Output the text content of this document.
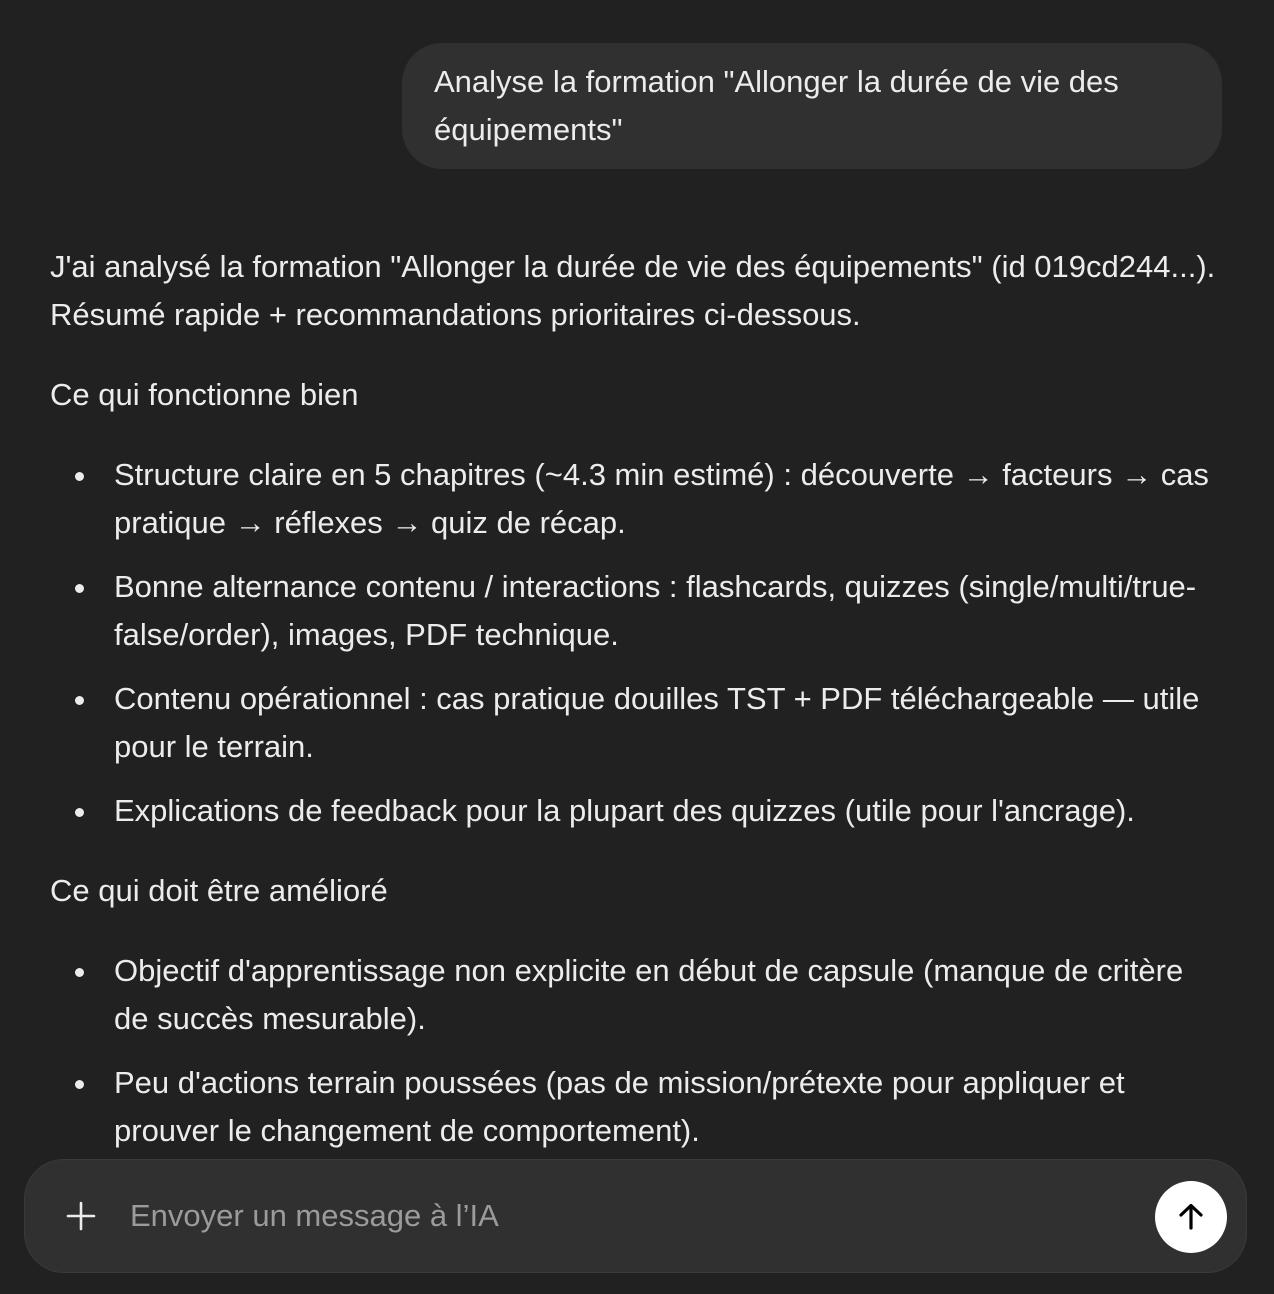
Analyse la formation "Allonger la durée de vie des équipements"

J'ai analysé la formation "Allonger la durée de vie des équipements" (id 019cd244...). Résumé rapide + recommandations prioritaires ci-dessous.

Ce qui fonctionne bien

Structure claire en 5 chapitres (~4.3 min estimé) : découverte → facteurs → cas pratique → réflexes → quiz de récap.
Bonne alternance contenu / interactions : flashcards, quizzes (single/multi/true-false/order), images, PDF technique.
Contenu opérationnel : cas pratique douilles TST + PDF téléchargeable — utile pour le terrain.
Explications de feedback pour la plupart des quizzes (utile pour l'ancrage).

Ce qui doit être amélioré

Objectif d'apprentissage non explicite en début de capsule (manque de critère de succès mesurable).
Peu d'actions terrain poussées (pas de mission/prétexte pour appliquer et prouver le changement de comportement).
Envoyer un message à l’IA
